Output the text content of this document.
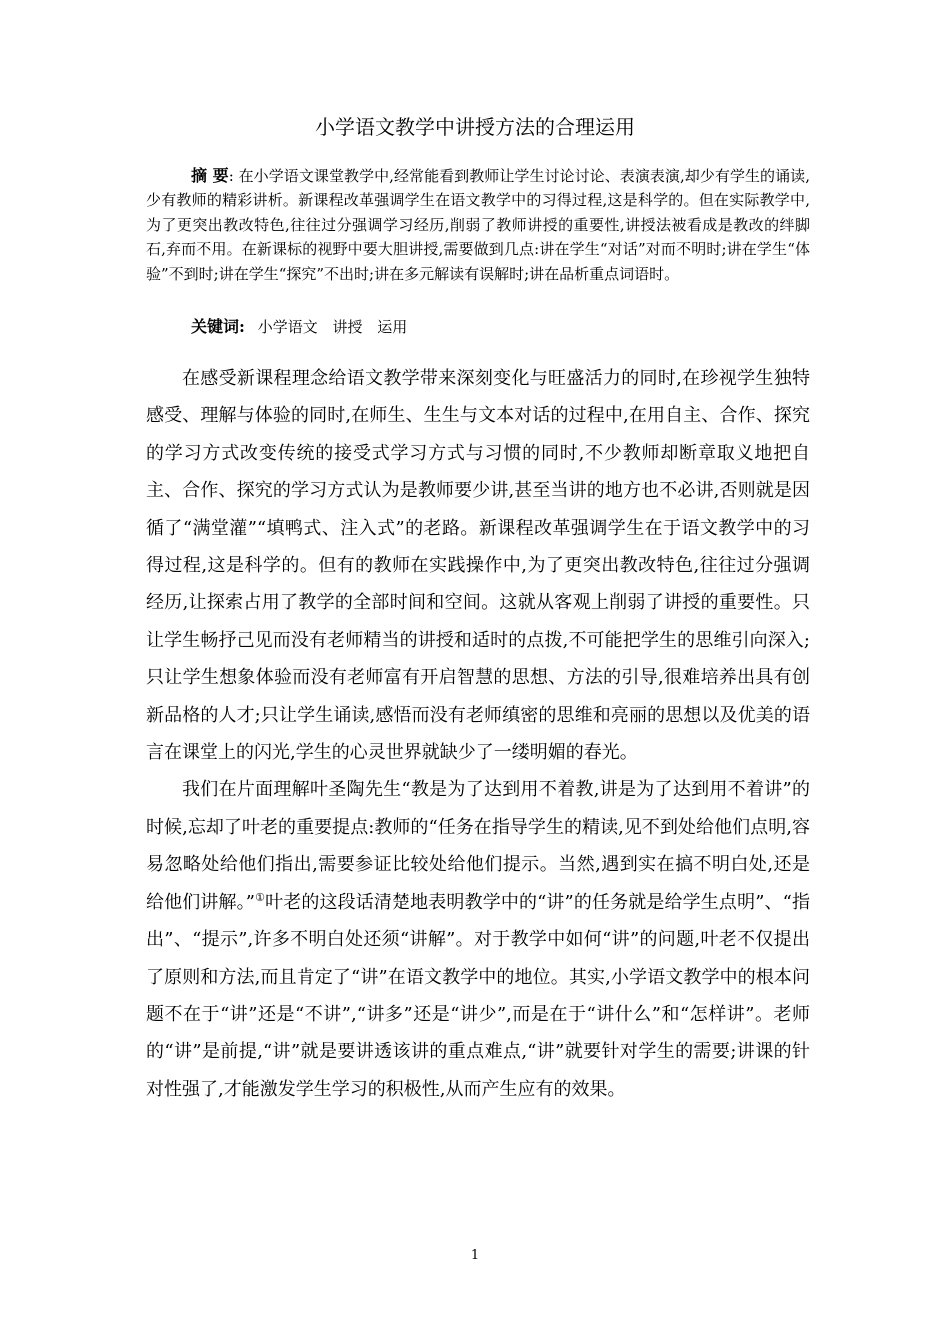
小学语文教学中讲授方法的合理运用
摘 要: 在小学语文课堂教学中,经常能看到教师让学生讨论讨论、表演表演,却少有学生的诵读,少有教师的精彩讲析。新课程改革强调学生在语文教学中的习得过程,这是科学的。但在实际教学中,为了更突出教改特色,往往过分强调学习经历,削弱了教师讲授的重要性,讲授法被看成是教改的绊脚石,弃而不用。在新课标的视野中要大胆讲授,需要做到几点:讲在学生“对话”对而不明时;讲在学生“体验”不到时;讲在学生“探究”不出时;讲在多元解读有误解时;讲在品析重点词语时。
关键词: 小学语文 讲授 运用

在感受新课程理念给语文教学带来深刻变化与旺盛活力的同时,在珍视学生独特感受、理解与体验的同时,在师生、生生与文本对话的过程中,在用自主、合作、探究的学习方式改变传统的接受式学习方式与习惯的同时,不少教师却断章取义地把自主、合作、探究的学习方式认为是教师要少讲,甚至当讲的地方也不必讲,否则就是因循了“满堂灌”“填鸭式、注入式”的老路。新课程改革强调学生在于语文教学中的习得过程,这是科学的。但有的教师在实践操作中,为了更突出教改特色,往往过分强调经历,让探索占用了教学的全部时间和空间。这就从客观上削弱了讲授的重要性。只让学生畅抒己见而没有老师精当的讲授和适时的点拨,不可能把学生的思维引向深入;只让学生想象体验而没有老师富有开启智慧的思想、方法的引导,很难培养出具有创新品格的人才;只让学生诵读,感悟而没有老师缜密的思维和亮丽的思想以及优美的语言在课堂上的闪光,学生的心灵世界就缺少了一缕明媚的春光。

我们在片面理解叶圣陶先生“教是为了达到用不着教,讲是为了达到用不着讲”的时候,忘却了叶老的重要提点:教师的“任务在指导学生的精读,见不到处给他们点明,容易忽略处给他们指出,需要参证比较处给他们提示。当然,遇到实在搞不明白处,还是给他们讲解。”①叶老的这段话清楚地表明教学中的“讲”的任务就是给学生点明”、“指出”、“提示”,许多不明白处还须“讲解”。对于教学中如何“讲”的问题,叶老不仅提出了原则和方法,而且肯定了“讲”在语文教学中的地位。其实,小学语文教学中的根本问题不在于“讲”还是“不讲”,“讲多”还是“讲少”,而是在于“讲什么”和“怎样讲”。老师的“讲”是前提,“讲”就是要讲透该讲的重点难点,“讲”就要针对学生的需要;讲课的针对性强了,才能激发学生学习的积极性,从而产生应有的效果。

1
